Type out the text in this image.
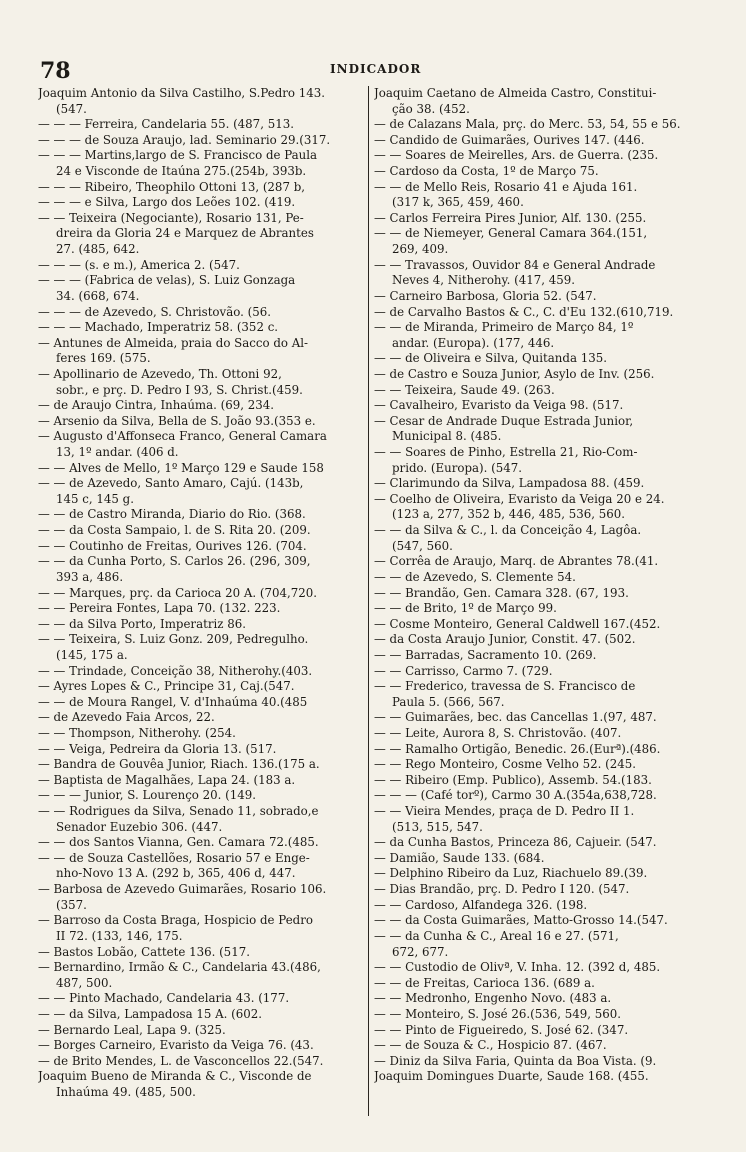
78	INDICADOR
Joaquim Antonio da Silva Castilho, S.Pedro 143.
(547.
— — — Ferreira, Candelaria 55. (487, 513.
— — — de Souza Araujo, lad. Seminario 29.(317.
— — — Martins,largo de S. Francisco de Paula
24 e Visconde de Itaúna 275.(254b, 393b.
— — — Ribeiro, Theophilo Ottoni 13, (287 b,
— — — e Silva, Largo dos Leões 102. (419.
— — Teixeira (Negociante), Rosario 131, Pe-
dreira da Gloria 24 e Marquez de Abrantes
27. (485, 642.
— — — (s. e m.), America 2. (547.
— — — (Fabrica de velas), S. Luiz Gonzaga
34. (668, 674.
— — — de Azevedo, S. Christovão. (56.
— — — Machado, Imperatriz 58. (352 c.
— Antunes de Almeida, praia do Sacco do Al-
feres 169. (575.
— Apollinario de Azevedo, Th. Ottoni 92,
sobr., e prç. D. Pedro I 93, S. Christ.(459.
— de Araujo Cintra, Inhaúma. (69, 234.
— Arsenio da Silva, Bella de S. João 93.(353 e.
— Augusto d'Affonseca Franco, General Camara
13, 1º andar. (406 d.
— — Alves de Mello, 1º Março 129 e Saude 158
— — de Azevedo, Santo Amaro, Cajú. (143b,
145 c, 145 g.
— — de Castro Miranda, Diario do Rio. (368.
— — da Costa Sampaio, l. de S. Rita 20. (209.
— — Coutinho de Freitas, Ourives 126. (704.
— — da Cunha Porto, S. Carlos 26. (296, 309,
393 a, 486.
— — Marques, prç. da Carioca 20 A. (704,720.
— — Pereira Fontes, Lapa 70. (132. 223.
— — da Silva Porto, Imperatriz 86.
— — Teixeira, S. Luiz Gonz. 209, Pedregulho.
(145, 175 a.
— — Trindade, Conceição 38, Nitherohy.(403.
— Ayres Lopes & C., Principe 31, Caj.(547.
— — de Moura Rangel, V. d'Inhaúma 40.(485
— de Azevedo Faia Arcos, 22.
— — Thompson, Nitherohy. (254.
— — Veiga, Pedreira da Gloria 13. (517.
— Bandra de Gouvêa Junior, Riach. 136.(175 a.
— Baptista de Magalhães, Lapa 24. (183 a.
— — — Junior, S. Lourenço 20. (149.
— — Rodrigues da Silva, Senado 11, sobrado,e
Senador Euzebio 306. (447.
— — dos Santos Vianna, Gen. Camara 72.(485.
— — de Souza Castellões, Rosario 57 e Enge-
nho-Novo 13 A. (292 b, 365, 406 d, 447.
— Barbosa de Azevedo Guimarães, Rosario 106.
(357.
— Barroso da Costa Braga, Hospicio de Pedro
II 72. (133, 146, 175.
— Bastos Lobão, Cattete 136. (517.
— Bernardino, Irmão & C., Candelaria 43.(486,
487, 500.
— — Pinto Machado, Candelaria 43. (177.
— — da Silva, Lampadosa 15 A. (602.
— Bernardo Leal, Lapa 9. (325.
— Borges Carneiro, Evaristo da Veiga 76. (43.
— de Brito Mendes, L. de Vasconcellos 22.(547.
Joaquim Bueno de Miranda & C., Visconde de
Inhaúma 49. (485, 500.
Joaquim Caetano de Almeida Castro, Constitui-
ção 38. (452.
— de Calazans Mala, prç. do Merc. 53, 54, 55 e 56.
— Candido de Guimarães, Ourives 147. (446.
— — Soares de Meirelles, Ars. de Guerra. (235.
— Cardoso da Costa, 1º de Março 75.
— — de Mello Reis, Rosario 41 e Ajuda 161.
(317 k, 365, 459, 460.
— Carlos Ferreira Pires Junior, Alf. 130. (255.
— — de Niemeyer, General Camara 364.(151,
269, 409.
— — Travassos, Ouvidor 84 e General Andrade
Neves 4, Nitherohy. (417, 459.
— Carneiro Barbosa, Gloria 52. (547.
— de Carvalho Bastos & C., C. d'Eu 132.(610,719.
— — de Miranda, Primeiro de Março 84, 1º
andar. (Europa). (177, 446.
— — de Oliveira e Silva, Quitanda 135.
— de Castro e Souza Junior, Asylo de Inv. (256.
— — Teixeira, Saude 49. (263.
— Cavalheiro, Evaristo da Veiga 98. (517.
— Cesar de Andrade Duque Estrada Junior,
Municipal 8. (485.
— — Soares de Pinho, Estrella 21, Rio-Com-
prido. (Europa). (547.
— Clarimundo da Silva, Lampadosa 88. (459.
— Coelho de Oliveira, Evaristo da Veiga 20 e 24.
(123 a, 277, 352 b, 446, 485, 536, 560.
— — da Silva & C., l. da Conceição 4, Lagôa.
(547, 560.
— Corrêa de Araujo, Marq. de Abrantes 78.(41.
— — de Azevedo, S. Clemente 54.
— — Brandão, Gen. Camara 328. (67, 193.
— — de Brito, 1º de Março 99.
— Cosme Monteiro, General Caldwell 167.(452.
— da Costa Araujo Junior, Constit. 47. (502.
— — Barradas, Sacramento 10. (269.
— — Carrisso, Carmo 7. (729.
— — Frederico, travessa de S. Francisco de
Paula 5. (566, 567.
— — Guimarães, bec. das Cancellas 1.(97, 487.
— — Leite, Aurora 8, S. Christovão. (407.
— — Ramalho Ortigão, Benedic. 26.(Eurª).(486.
— — Rego Monteiro, Cosme Velho 52. (245.
— — Ribeiro (Emp. Publico), Assemb. 54.(183.
— — — (Café torº), Carmo 30 A.(354a,638,728.
— — Vieira Mendes, praça de D. Pedro II 1.
(513, 515, 547.
— da Cunha Bastos, Princeza 86, Cajueir. (547.
— Damião, Saude 133. (684.
— Delphino Ribeiro da Luz, Riachuelo 89.(39.
— Dias Brandão, prç. D. Pedro I 120. (547.
— — Cardoso, Alfandega 326. (198.
— — da Costa Guimarães, Matto-Grosso 14.(547.
— — da Cunha & C., Areal 16 e 27. (571,
672, 677.
— — Custodio de Olivª, V. Inha. 12. (392 d, 485.
— — de Freitas, Carioca 136. (689 a.
— — Medronho, Engenho Novo. (483 a.
— — Monteiro, S. José 26.(536, 549, 560.
— — Pinto de Figueiredo, S. José 62. (347.
— — de Souza & C., Hospicio 87. (467.
— Diniz da Silva Faria, Quinta da Boa Vista. (9.
Joaquim Domingues Duarte, Saude 168. (455.
